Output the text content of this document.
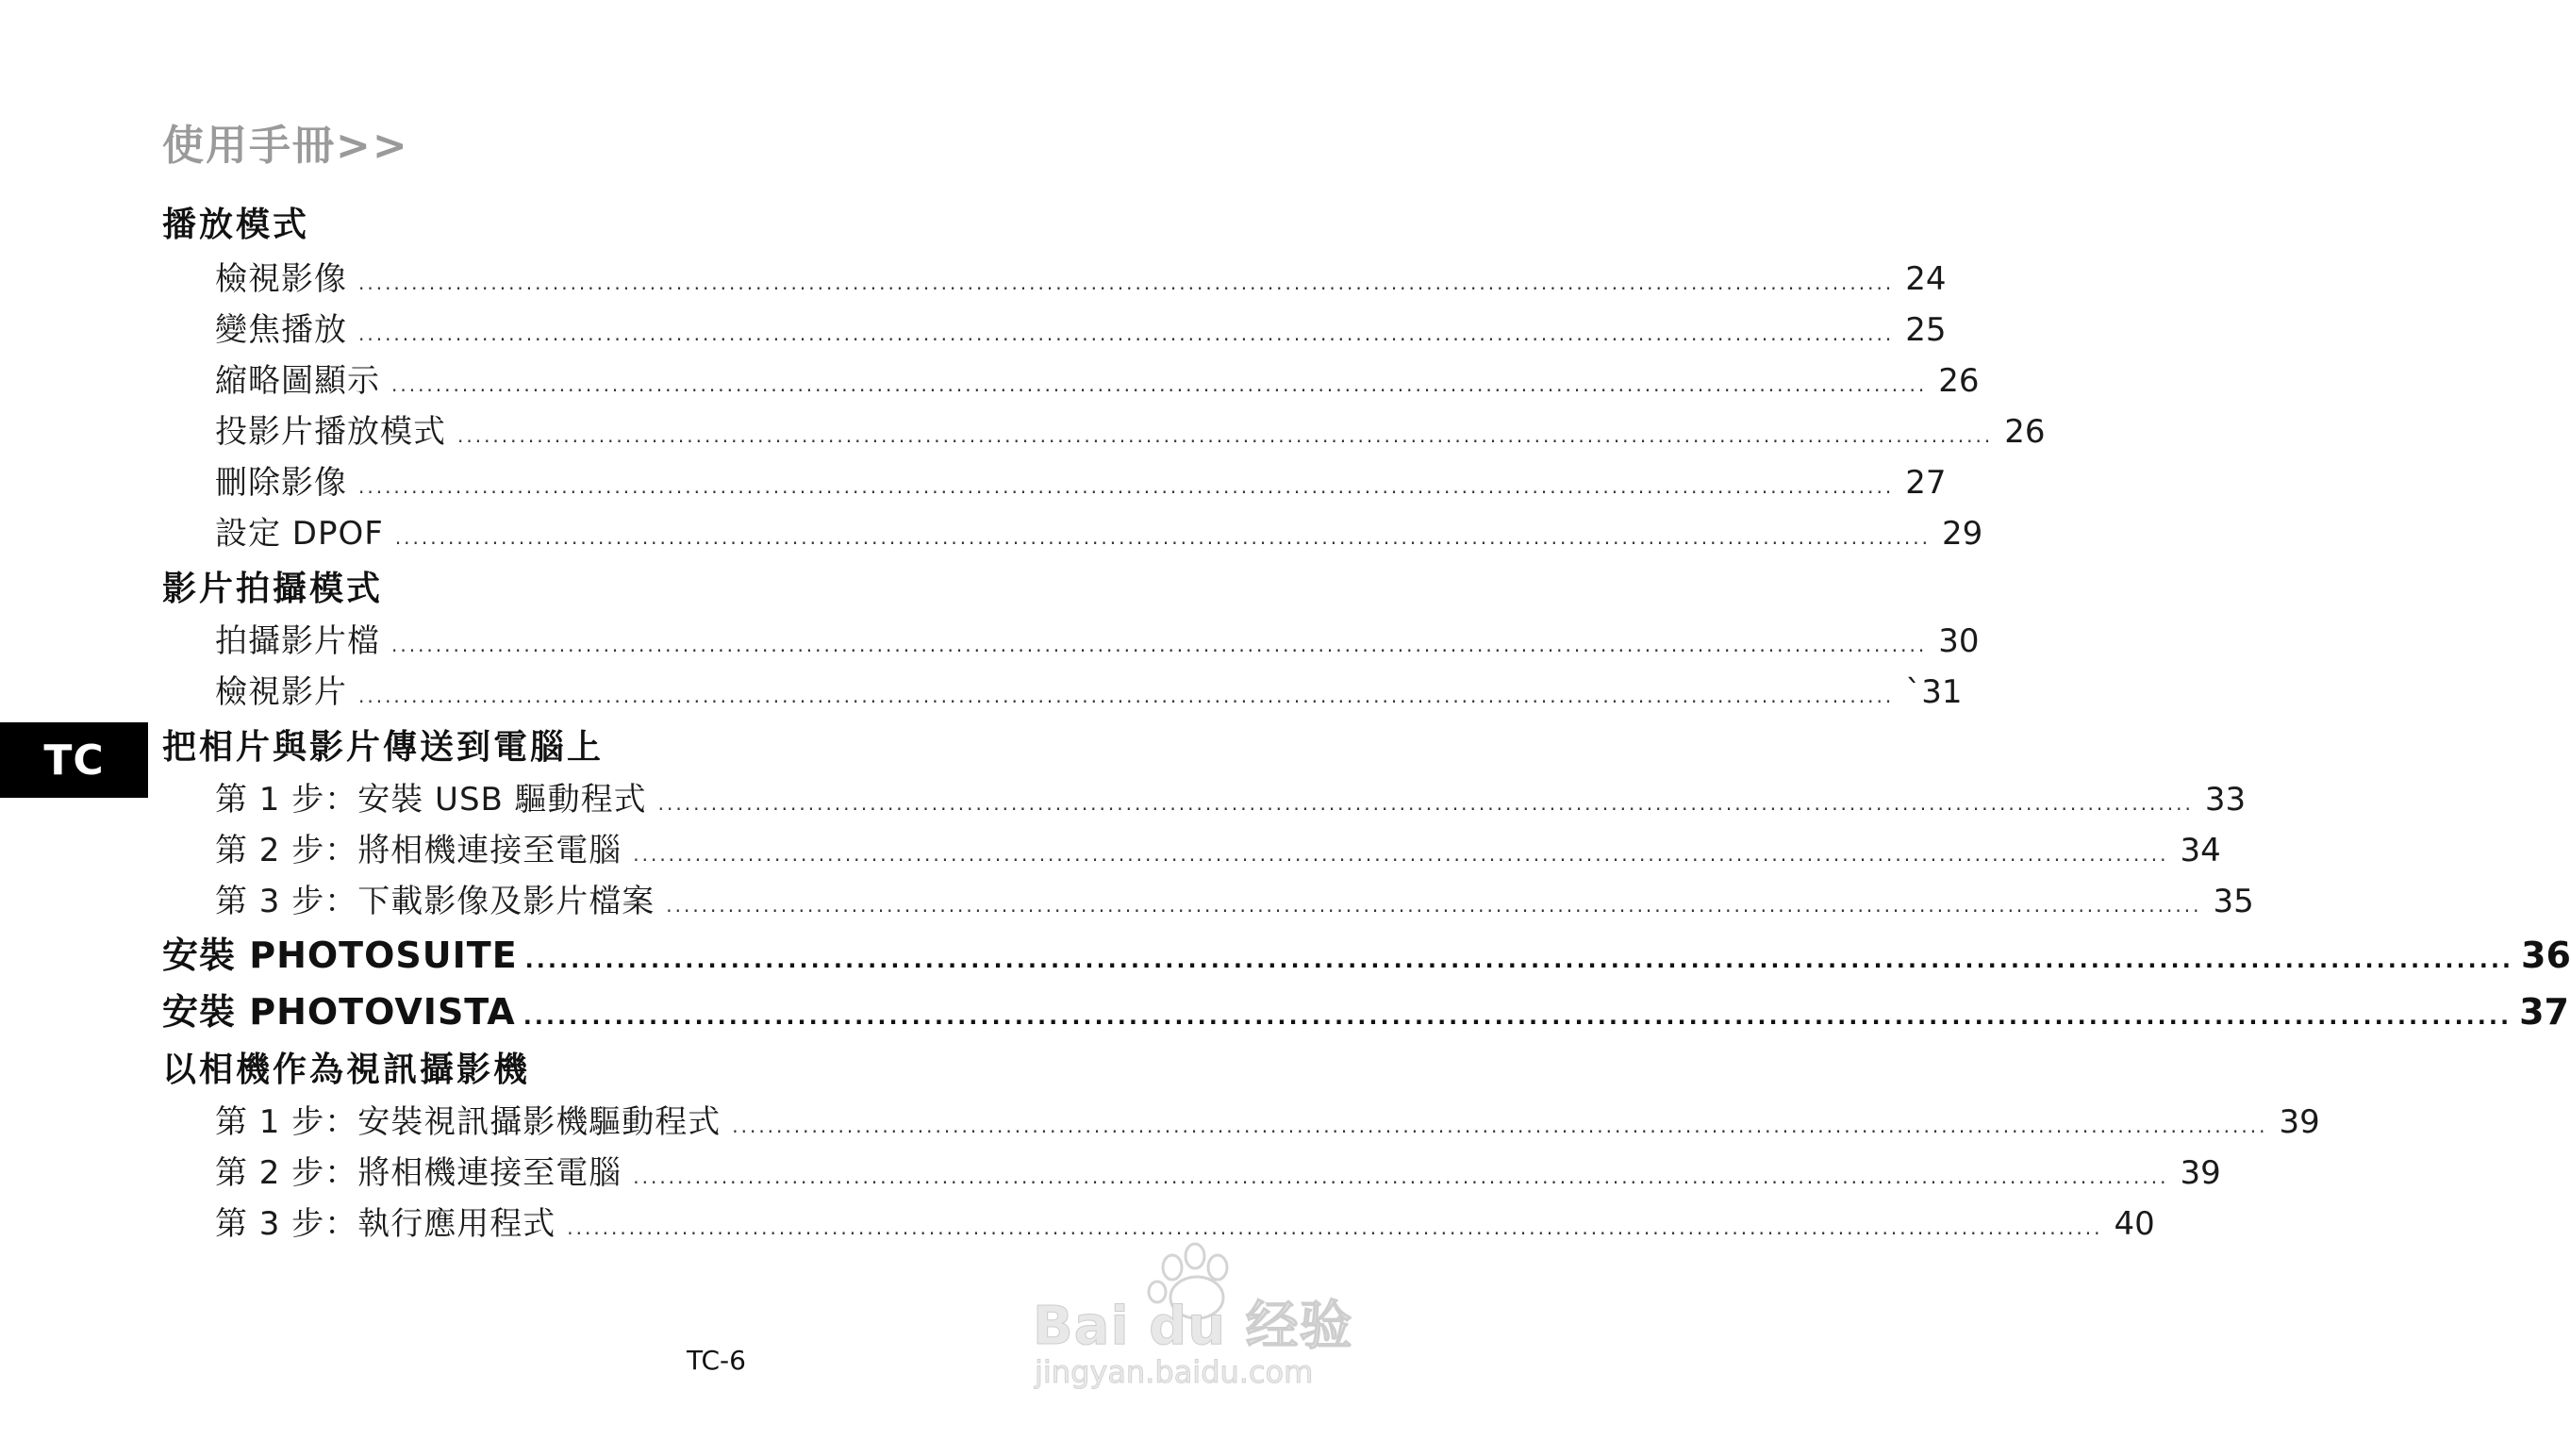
使用手冊>>
播放模式
檢視影像 .............................................................................................................................................................................. 24
變焦播放 .............................................................................................................................................................................. 25
縮略圖顯示 .............................................................................................................................................................................. 26
投影片播放模式 .............................................................................................................................................................................. 26
刪除影像 .............................................................................................................................................................................. 27
設定 DPOF .............................................................................................................................................................................. 29
影片拍攝模式
拍攝影片檔 .............................................................................................................................................................................. 30
檢視影片 .............................................................................................................................................................................. `31
把相片與影片傳送到電腦上
第 1 步：安裝 USB 驅動程式 .............................................................................................................................................................................. 33
第 2 步：將相機連接至電腦 .............................................................................................................................................................................. 34
第 3 步：下載影像及影片檔案 .............................................................................................................................................................................. 35
安裝 PHOTOSUITE .............................................................................................................................................................................. 36
安裝 PHOTOVISTA .............................................................................................................................................................................. 37
以相機作為視訊攝影機
第 1 步：安裝視訊攝影機驅動程式 .............................................................................................................................................................................. 39
第 2 步：將相機連接至電腦 .............................................................................................................................................................................. 39
第 3 步：執行應用程式 .............................................................................................................................................................................. 40
TC
TC-6
Bai du 经验
jingyan.baidu.com
